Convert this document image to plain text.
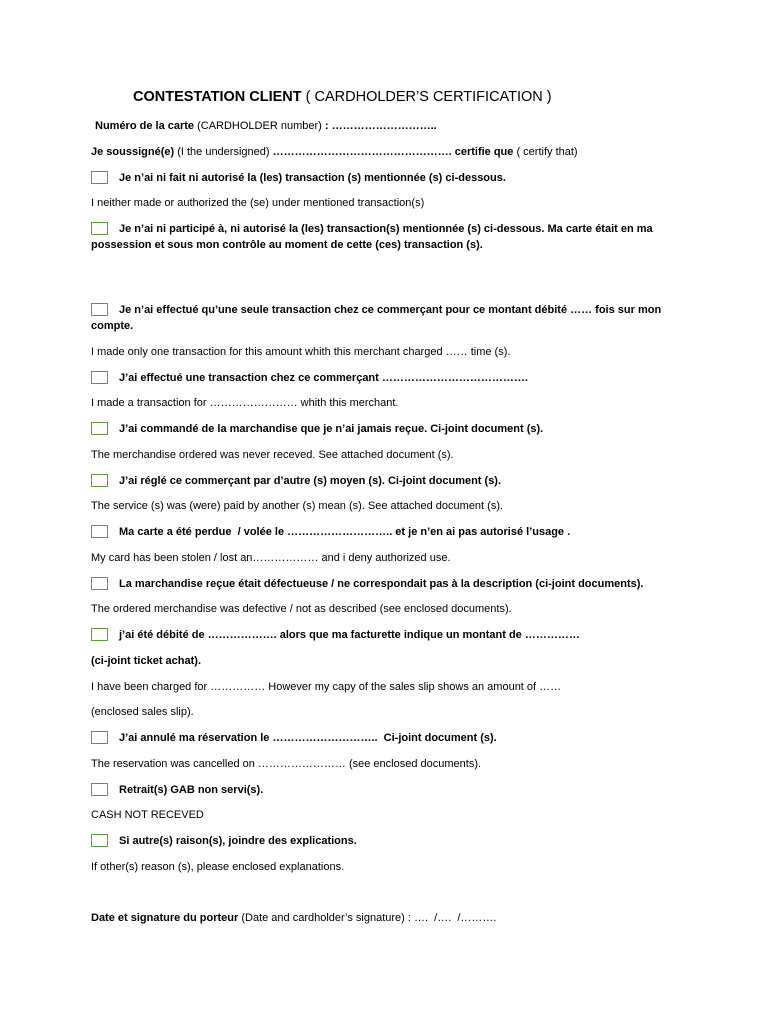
CONTESTATION CLIENT ( CARDHOLDER’S CERTIFICATION )

Numéro de la carte (CARDHOLDER number) : ………………………..

Je soussigné(e) (I the undersigned) …………………………………………. certifie que ( certify that)

Je n’ai ni fait ni autorisé la (les) transaction (s) mentionnée (s) ci-dessous.

I neither made or authorized the (se) under mentioned transaction(s)

Je n’ai ni participé à, ni autorisé la (les) transaction(s) mentionnée (s) ci-dessous. Ma carte était en ma possession et sous mon contrôle au moment de cette (ces) transaction (s).

Je n’ai effectué qu’une seule transaction chez ce commerçant pour ce montant débité …… fois sur mon compte.

I made only one transaction for this amount whith this merchant charged …… time (s).

J’ai effectué une transaction chez ce commerçant ………………………………….

I made a transaction for …………………… whith this merchant.

J’ai commandé de la marchandise que je n’ai jamais reçue. Ci-joint document (s).

The merchandise ordered was never receved. See attached document (s).

J’ai réglé ce commerçant par d’autre (s) moyen (s). Ci-joint document (s).

The service (s) was (were) paid by another (s) mean (s). See attached document (s).

Ma carte a été perdue  / volée le ……………………….. et je n’en ai pas autorisé l’usage .

My card has been stolen / lost an……………… and i deny authorized use.

La marchandise reçue était défectueuse / ne correspondait pas à la description (ci-joint documents).

The ordered merchandise was defective / not as described (see enclosed documents).

j’ai été débité de ………………. alors que ma facturette indique un montant de ……………

(ci-joint ticket achat).

I have been charged for …………… However my capy of the sales slip shows an amount of ……

(enclosed sales slip).

J’ai annulé ma réservation le ………………………..  Ci-joint document (s).

The reservation was cancelled on …………………… (see enclosed documents).

Retrait(s) GAB non servi(s).

CASH NOT RECEVED

Si autre(s) raison(s), joindre des explications.

If other(s) reason (s), please enclosed explanations.

Date et signature du porteur (Date and cardholder’s signature) : ….  /….  /……….
